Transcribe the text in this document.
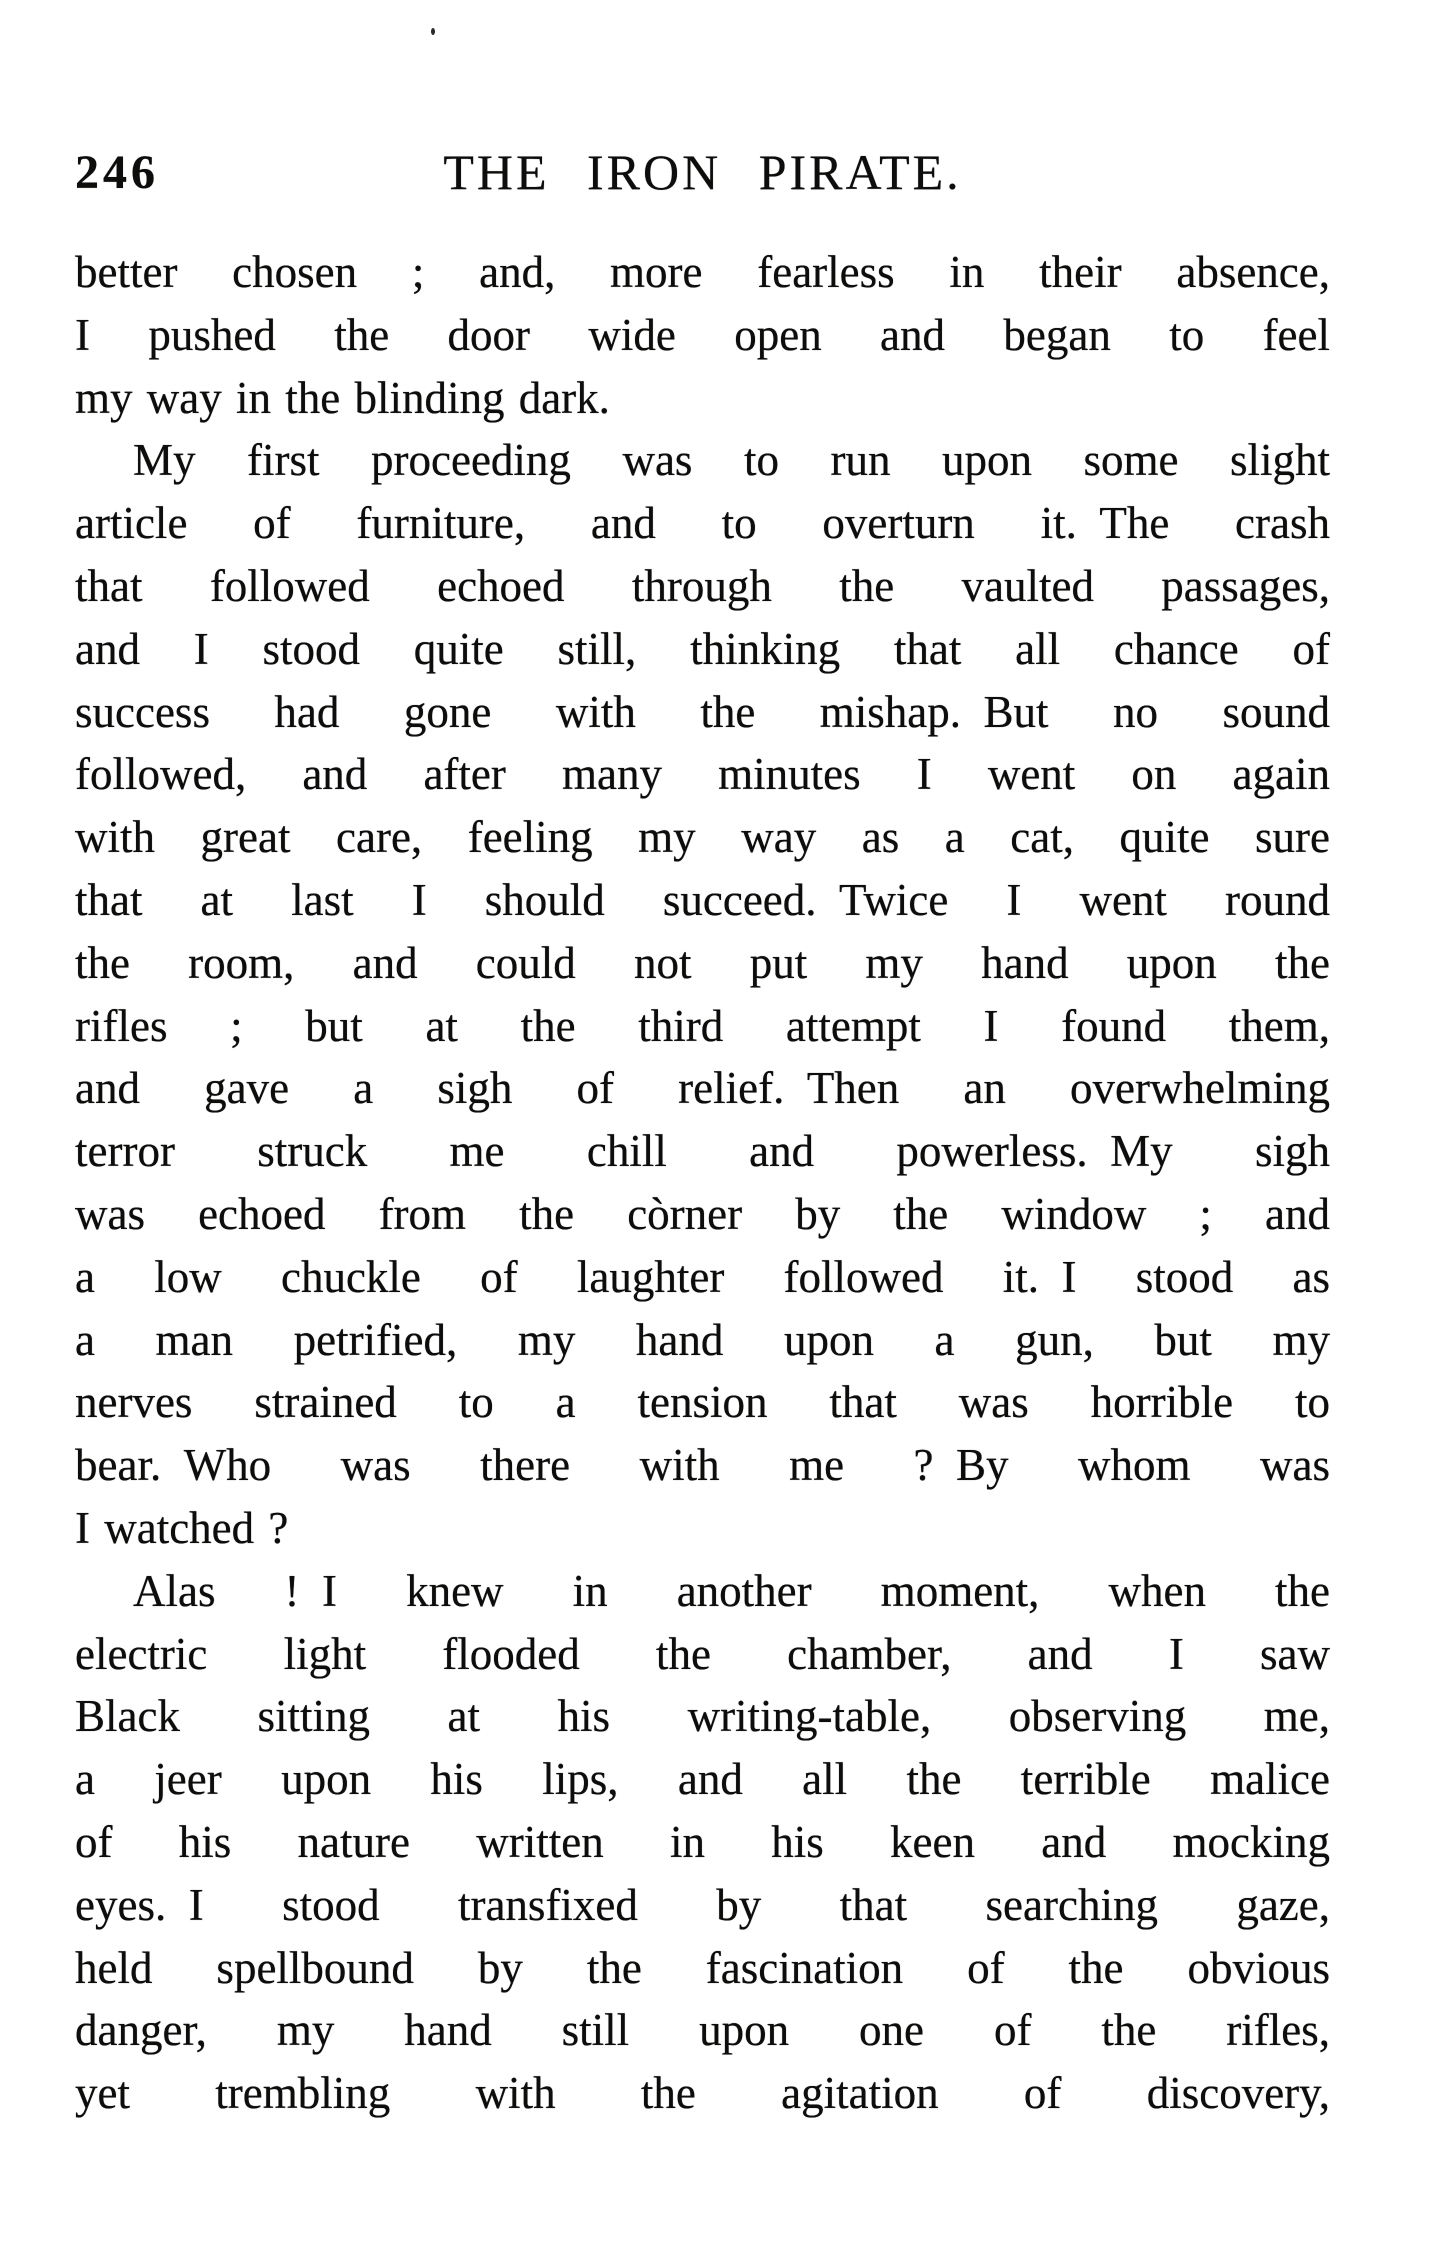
246	THE IRON PIRATE.
better chosen ; and, more fearless in their absence,
I pushed the door wide open and began to feel
my way in the blinding dark.
My first proceeding was to run upon some slight
article of furniture, and to overturn it. The crash
that followed echoed through the vaulted passages,
and I stood quite still, thinking that all chance of
success had gone with the mishap. But no sound
followed, and after many minutes I went on again
with great care, feeling my way as a cat, quite sure
that at last I should succeed. Twice I went round
the room, and could not put my hand upon the
rifles ; but at the third attempt I found them,
and gave a sigh of relief. Then an overwhelming
terror struck me chill and powerless. My sigh
was echoed from the còrner by the window ; and
a low chuckle of laughter followed it. I stood as
a man petrified, my hand upon a gun, but my
nerves strained to a tension that was horrible to
bear. Who was there with me ? By whom was
I watched ?
Alas ! I knew in another moment, when the
electric light flooded the chamber, and I saw
Black sitting at his writing-table, observing me,
a jeer upon his lips, and all the terrible malice
of his nature written in his keen and mocking
eyes. I stood transfixed by that searching gaze,
held spellbound by the fascination of the obvious
danger, my hand still upon one of the rifles,
yet trembling with the agitation of discovery,
